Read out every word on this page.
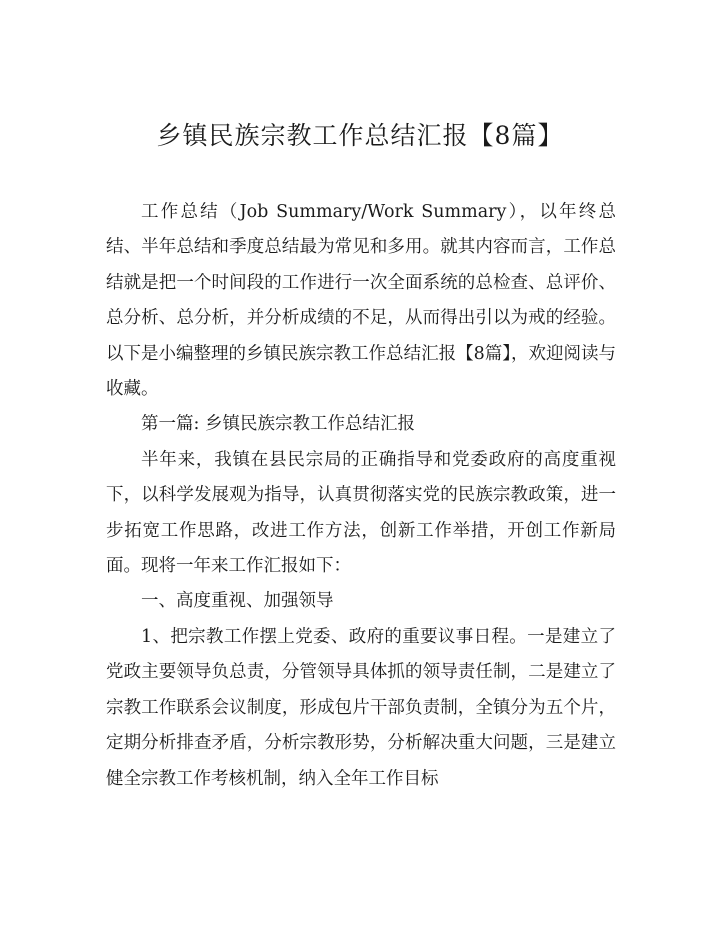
乡镇民族宗教工作总结汇报【8篇】

工作总结（Job Summary/Work Summary），以年终总结、半年总结和季度总结最为常见和多用。就其内容而言，工作总结就是把一个时间段的工作进行一次全面系统的总检查、总评价、总分析、总分析，并分析成绩的不足，从而得出引以为戒的经验。以下是小编整理的乡镇民族宗教工作总结汇报【8篇】，欢迎阅读与收藏。

第一篇: 乡镇民族宗教工作总结汇报

半年来，我镇在县民宗局的正确指导和党委政府的高度重视下，以科学发展观为指导，认真贯彻落实党的民族宗教政策，进一步拓宽工作思路，改进工作方法，创新工作举措，开创工作新局面。现将一年来工作汇报如下：

一、高度重视、加强领导

1、把宗教工作摆上党委、政府的重要议事日程。一是建立了党政主要领导负总责，分管领导具体抓的领导责任制，二是建立了宗教工作联系会议制度，形成包片干部负责制，全镇分为五个片，定期分析排查矛盾，分析宗教形势，分析解决重大问题，三是建立健全宗教工作考核机制，纳入全年工作目标
